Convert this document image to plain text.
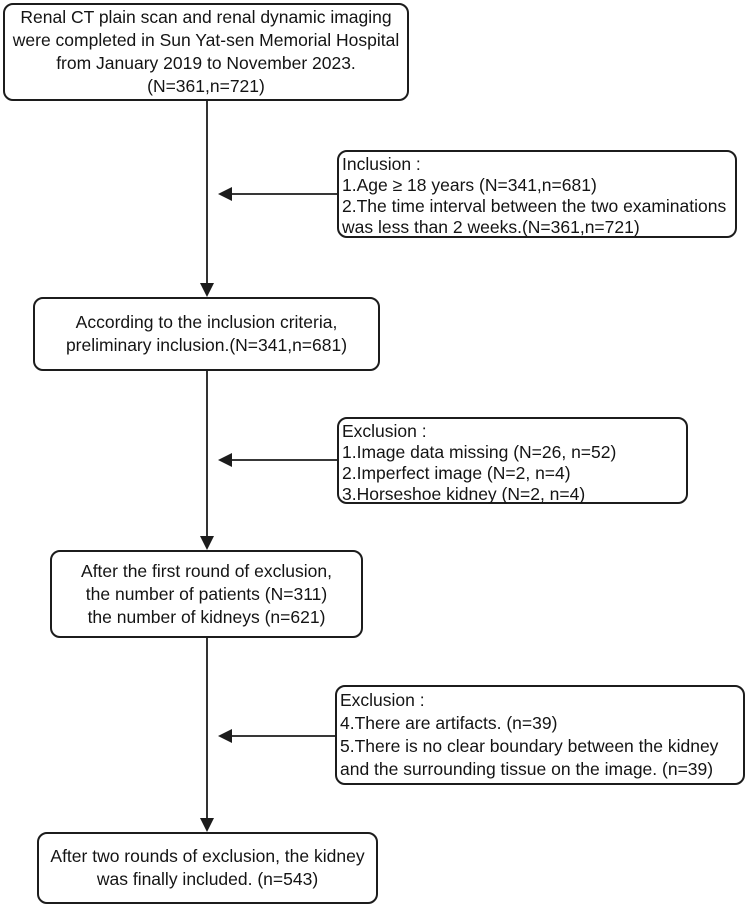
Renal CT plain scan and renal dynamic imaging
were completed in Sun Yat-sen Memorial Hospital
from January 2019 to November 2023.
(N=361,n=721)
Inclusion :
1.Age ≥ 18 years (N=341,n=681)
2.The time interval between the two examinations
was less than 2 weeks.(N=361,n=721)
According to the inclusion criteria,
preliminary inclusion.(N=341,n=681)
Exclusion :
1.Image data missing (N=26, n=52)
2.Imperfect image (N=2, n=4)
3.Horseshoe kidney (N=2, n=4)
After the first round of exclusion,
the number of patients (N=311)
the number of kidneys (n=621)
Exclusion :
4.There are artifacts. (n=39)
5.There is no clear boundary between the kidney
and the surrounding tissue on the image. (n=39)
After two rounds of exclusion, the kidney
was finally included. (n=543)
